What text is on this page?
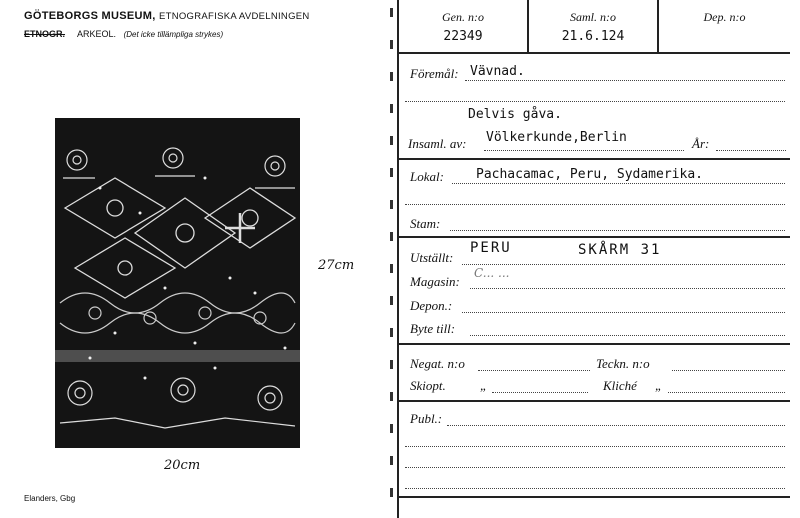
GÖTEBORGS MUSEUM, ETNOGRAFISKA AVDELNINGEN
ETNOGR. ARKEOL. (Det icke tillämpliga strykes)
27cm
20cm
Elanders, Gbg
Gen. n:o
22349
Saml. n:o
21.6.124
Dep. n:o
Föremål: Vävnad.
Delvis gåva.
Insaml. av: Völkerkunde,Berlin	År:
Lokal: Pachacamac, Peru, Sydamerika.
Stam:
Utställt:
PERU	SKÅRM 31
Magasin:
C... ...
Depon.:
Byte till:
Negat. n:o	Teckn. n:o
Skiopt.	„	Kliché „
Publ.:
